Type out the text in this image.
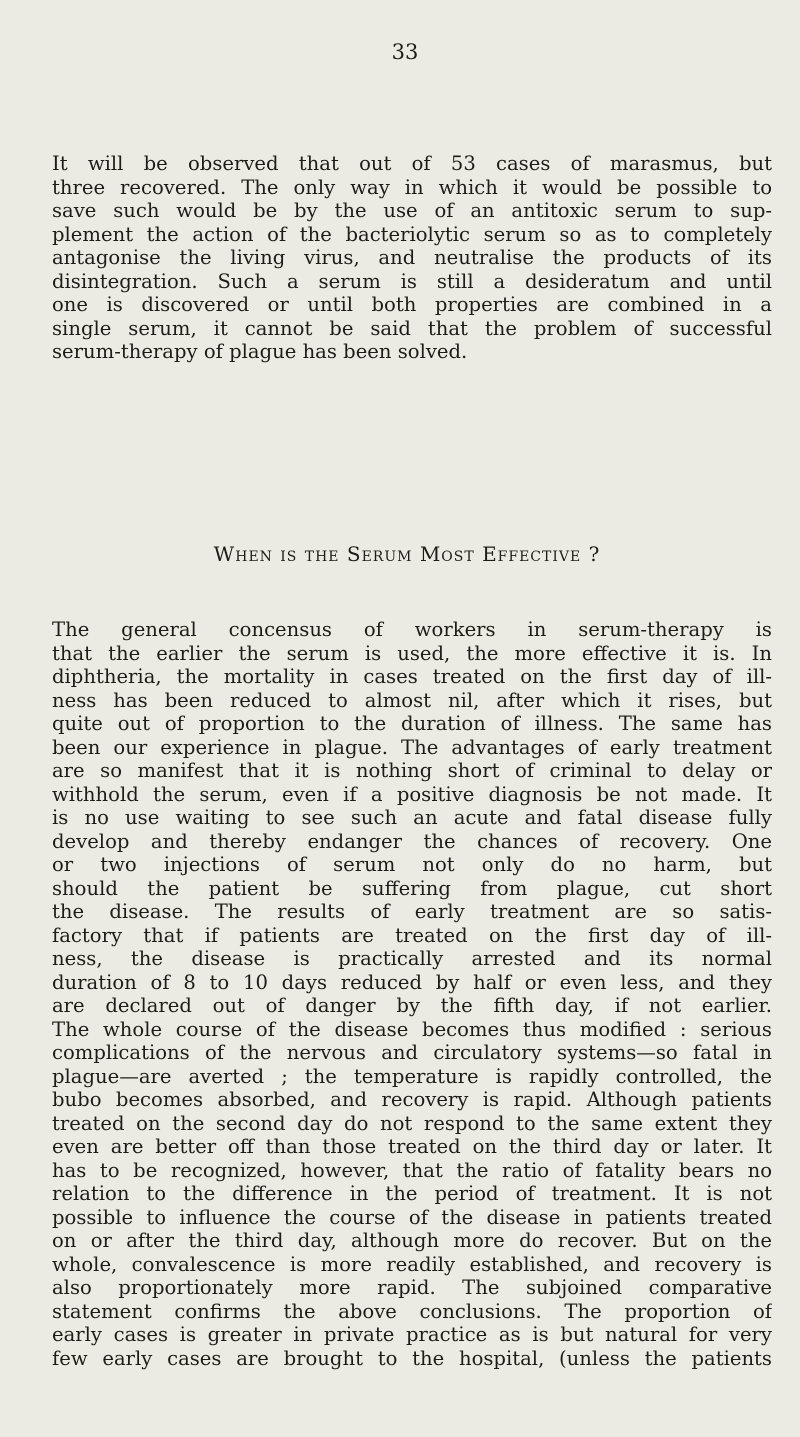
33
It will be observed that out of 53 cases of marasmus, but
three recovered. The only way in which it would be possible to
save such would be by the use of an antitoxic serum to sup-
plement the action of the bacteriolytic serum so as to completely
antagonise the living virus, and neutralise the products of its
disintegration. Such a serum is still a desideratum and until
one is discovered or until both properties are combined in a
single serum, it cannot be said that the problem of successful
serum-therapy of plague has been solved.
When is the Serum Most Effective ?
The general concensus of workers in serum-therapy is
that the earlier the serum is used, the more effective it is. In
diphtheria, the mortality in cases treated on the first day of ill-
ness has been reduced to almost nil, after which it rises, but
quite out of proportion to the duration of illness. The same has
been our experience in plague. The advantages of early treatment
are so manifest that it is nothing short of criminal to delay or
withhold the serum, even if a positive diagnosis be not made. It
is no use waiting to see such an acute and fatal disease fully
develop and thereby endanger the chances of recovery. One
or two injections of serum not only do no harm, but
should the patient be suffering from plague, cut short
the disease. The results of early treatment are so satis-
factory that if patients are treated on the first day of ill-
ness, the disease is practically arrested and its normal
duration of 8 to 10 days reduced by half or even less, and they
are declared out of danger by the fifth day, if not earlier.
The whole course of the disease becomes thus modified : serious
complications of the nervous and circulatory systems—so fatal in
plague—are averted ; the temperature is rapidly controlled, the
bubo becomes absorbed, and recovery is rapid. Although patients
treated on the second day do not respond to the same extent they
even are better off than those treated on the third day or later. It
has to be recognized, however, that the ratio of fatality bears no
relation to the difference in the period of treatment. It is not
possible to influence the course of the disease in patients treated
on or after the third day, although more do recover. But on the
whole, convalescence is more readily established, and recovery is
also proportionately more rapid. The subjoined comparative
statement confirms the above conclusions. The proportion of
early cases is greater in private practice as is but natural for very
few early cases are brought to the hospital, (unless the patients
